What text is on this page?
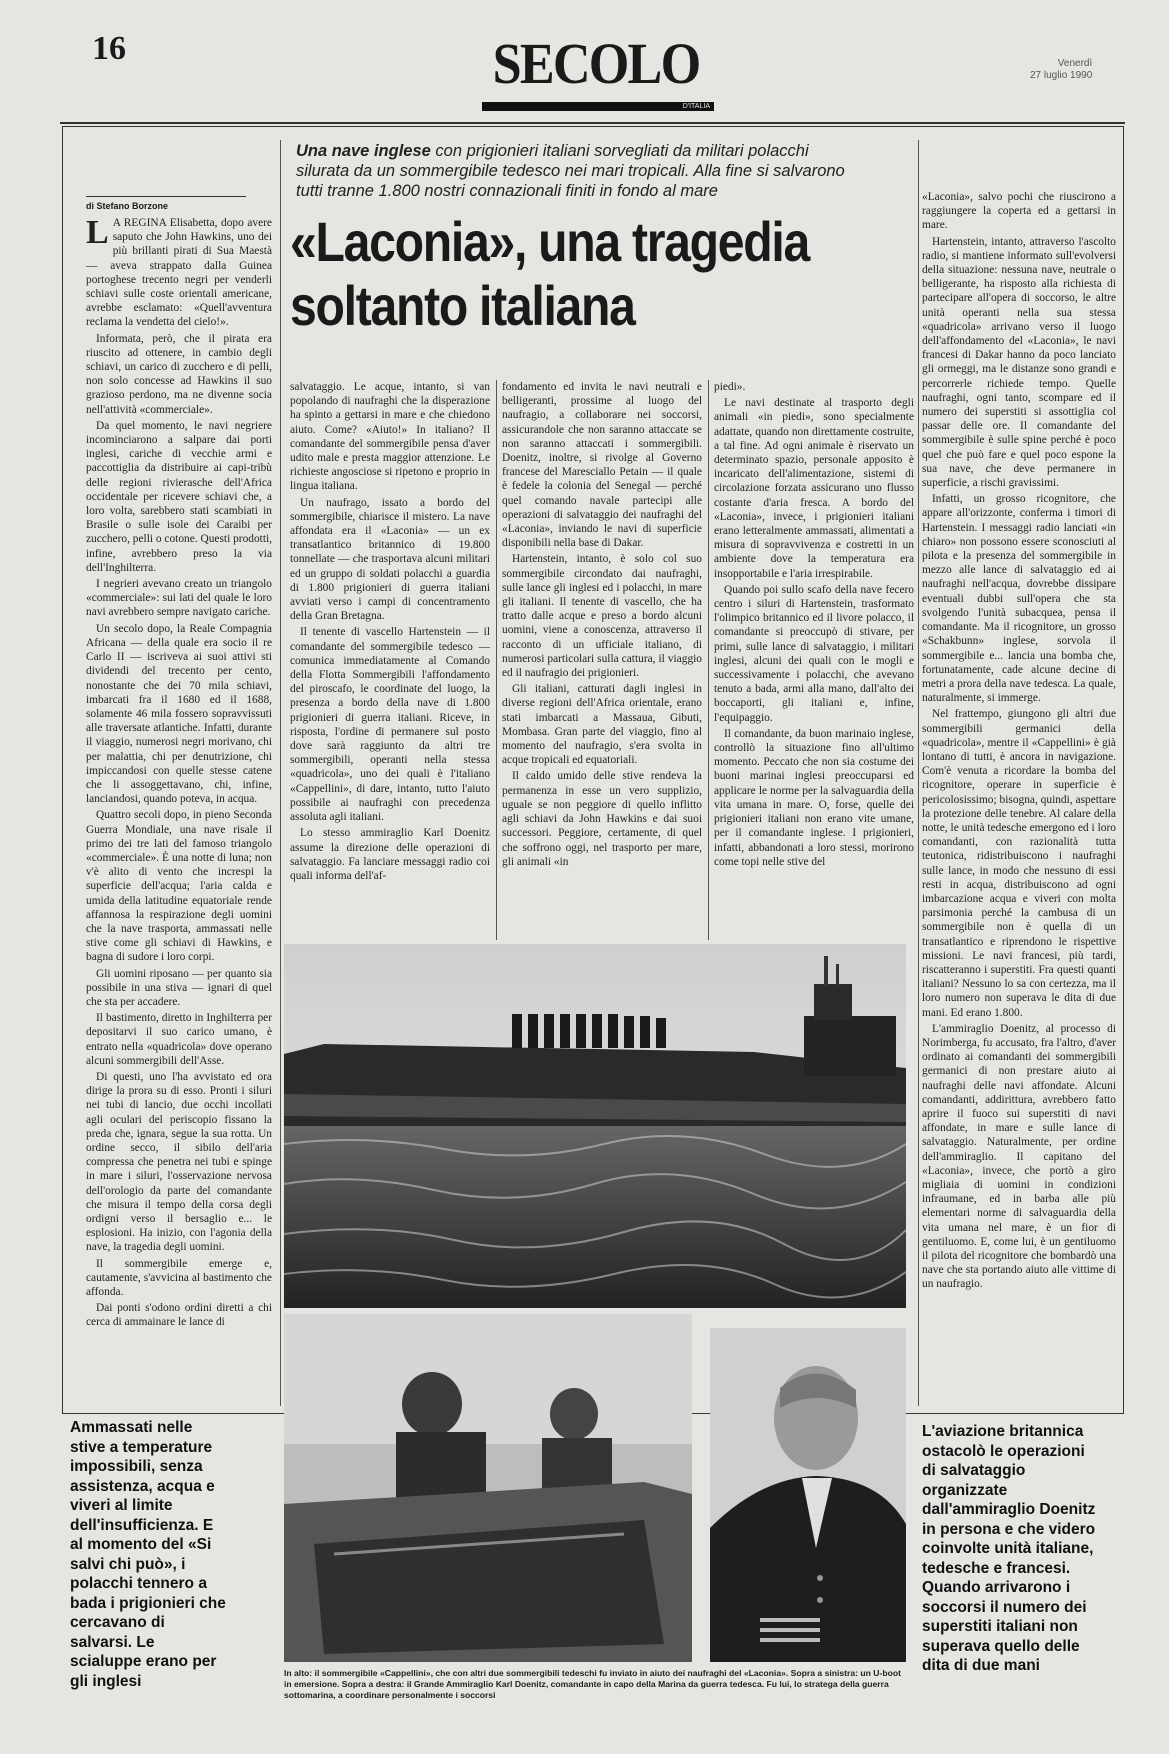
16	SECOLO
D'ITALIA
Venerdì
27 luglio 1990
Una nave inglese con prigionieri italiani sorvegliati da militari polacchi silurata da un sommergibile tedesco nei mari tropicali. Alla fine si salvarono tutti tranne 1.800 nostri connazionali finiti in fondo al mare
«Laconia», una tragedia soltanto italiana
di Stefano Borzone

L A REGINA Elisabetta, dopo avere saputo che John Hawkins, uno dei più brillanti pirati di Sua Maestà — aveva strappato dalla Guinea portoghese trecento negri per venderli schiavi sulle coste orientali americane, avrebbe esclamato: «Quell'avventura reclama la vendetta del cielo!».

Informata, però, che il pirata era riuscito ad ottenere, in cambio degli schiavi, un carico di zucchero e di pelli, non solo concesse ad Hawkins il suo grazioso perdono, ma ne divenne socia nell'attività «commerciale».

Da quel momento, le navi negriere incominciarono a salpare dai porti inglesi, cariche di vecchie armi e paccottiglia da distribuire ai capi-tribù delle regioni rivierasche dell'Africa occidentale per ricevere schiavi che, a loro volta, sarebbero stati scambiati in Brasile o sulle isole dei Caraibi per zucchero, pelli o cotone. Questi prodotti, infine, avrebbero preso la via dell'Inghilterra.

I negrieri avevano creato un triangolo «commerciale»: sui lati del quale le loro navi avrebbero sempre navigato cariche.

Un secolo dopo, la Reale Compagnia Africana — della quale era socio il re Carlo II — iscriveva ai suoi attivi sti dividendi del trecento per cento, nonostante che dei 70 mila schiavi, imbarcati fra il 1680 ed il 1688, solamente 46 mila fossero sopravvissuti alle traversate atlantiche. Infatti, durante il viaggio, numerosi negri morivano, chi per malattia, chi per denutrizione, chi impiccandosi con quelle stesse catene che li assoggettavano, chi, infine, lanciandosi, quando poteva, in acqua.

Quattro secoli dopo, in pieno Seconda Guerra Mondiale, una nave risale il primo dei tre lati del famoso triangolo «commerciale». È una notte di luna; non v'è alito di vento che increspi la superficie dell'acqua; l'aria calda e umida della latitudine equatoriale rende affannosa la respirazione degli uomini che la nave trasporta, ammassati nelle stive come gli schiavi di Hawkins, e bagna di sudore i loro corpi.

Gli uomini riposano — per quanto sia possibile in una stiva — ignari di quel che sta per accadere.

Il bastimento, diretto in Inghilterra per depositarvi il suo carico umano, è entrato nella «quadricola» dove operano alcuni sommergibili dell'Asse.

Di questi, uno l'ha avvistato ed ora dirige la prora su di esso. Pronti i siluri nei tubi di lancio, due occhi incollati agli oculari del periscopio fissano la preda che, ignara, segue la sua rotta. Un ordine secco, il sibilo dell'aria compressa che penetra nei tubi e spinge in mare i siluri, l'osservazione nervosa dell'orologio da parte del comandante che misura il tempo della corsa degli ordigni verso il bersaglio e... le esplosioni. Ha inizio, con l'agonia della nave, la tragedia degli uomini.

Il sommergibile emerge e, cautamente, s'avvicina al bastimento che affonda.

Dai ponti s'odono ordini diretti a chi cerca di ammainare le lance di

salvataggio. Le acque, intanto, si van popolando di naufraghi che la disperazione ha spinto a gettarsi in mare e che chiedono aiuto. Come? «Aiuto!» In italiano? Il comandante del sommergibile pensa d'aver udito male e presta maggior attenzione. Le richieste angosciose si ripetono e proprio in lingua italiana.

Un naufrago, issato a bordo del sommergibile, chiarisce il mistero. La nave affondata era il «Laconia» — un ex transatlantico britannico di 19.800 tonnellate — che trasportava alcuni militari ed un gruppo di soldati polacchi a guardia di 1.800 prigionieri di guerra italiani avviati verso i campi di concentramento della Gran Bretagna.

Il tenente di vascello Hartenstein — il comandante del sommergibile tedesco — comunica immediatamente al Comando della Flotta Sommergibili l'affondamento del piroscafo, le coordinate del luogo, la presenza a bordo della nave di 1.800 prigionieri di guerra italiani. Riceve, in risposta, l'ordine di permanere sul posto dove sarà raggiunto da altri tre sommergibili, operanti nella stessa «quadricola», uno dei quali è l'italiano «Cappellini», di dare, intanto, tutto l'aiuto possibile ai naufraghi con precedenza assoluta agli italiani.

Lo stesso ammiraglio Karl Doenitz assume la direzione delle operazioni di salvataggio. Fa lanciare messaggi radio coi quali informa dell'af-

fondamento ed invita le navi neutrali e belligeranti, prossime al luogo del naufragio, a collaborare nei soccorsi, assicurandole che non saranno attaccate se non saranno attaccati i sommergibili. Doenitz, inoltre, si rivolge al Governo francese del Maresciallo Petain — il quale è fedele la colonia del Senegal — perché quel comando navale partecipi alle operazioni di salvataggio dei naufraghi del «Laconia», inviando le navi di superficie disponibili nella base di Dakar.

Hartenstein, intanto, è solo col suo sommergibile circondato dai naufraghi, sulle lance gli inglesi ed i polacchi, in mare gli italiani. Il tenente di vascello, che ha tratto dalle acque e preso a bordo alcuni uomini, viene a conoscenza, attraverso il racconto di un ufficiale italiano, di numerosi particolari sulla cattura, il viaggio ed il naufragio dei prigionieri.

Gli italiani, catturati dagli inglesi in diverse regioni dell'Africa orientale, erano stati imbarcati a Massaua, Gibuti, Mombasa. Gran parte del viaggio, fino al momento del naufragio, s'era svolta in acque tropicali ed equatoriali.

Il caldo umido delle stive rendeva la permanenza in esse un vero supplizio, uguale se non peggiore di quello inflitto agli schiavi da John Hawkins e dai suoi successori. Peggiore, certamente, di quel che soffrono oggi, nel trasporto per mare, gli animali «in

piedi».

Le navi destinate al trasporto degli animali «in piedi», sono specialmente adattate, quando non direttamente costruite, a tal fine. Ad ogni animale è riservato un determinato spazio, personale apposito è incaricato dell'alimentazione, sistemi di circolazione forzata assicurano uno flusso costante d'aria fresca. A bordo del «Laconia», invece, i prigionieri italiani erano letteralmente ammassati, alimentati a misura di sopravvivenza e costretti in un ambiente dove la temperatura era insopportabile e l'aria irrespirabile.

Quando poi sullo scafo della nave fecero centro i siluri di Hartenstein, trasformato l'olimpico britannico ed il livore polacco, il comandante si preoccupò di stivare, per primi, sulle lance di salvataggio, i militari inglesi, alcuni dei quali con le mogli e successivamente i polacchi, che avevano tenuto a bada, armi alla mano, dall'alto dei boccaporti, gli italiani e, infine, l'equipaggio.

Il comandante, da buon marinaio inglese, controllò la situazione fino all'ultimo momento. Peccato che non sia costume dei buoni marinai inglesi preoccuparsi ed applicare le norme per la salvaguardia della vita umana in mare. O, forse, quelle dei prigionieri italiani non erano vite umane, per il comandante inglese. I prigionieri, infatti, abbandonati a loro stessi, morirono come topi nelle stive del

«Laconia», salvo pochi che riuscirono a raggiungere la coperta ed a gettarsi in mare.

Hartenstein, intanto, attraverso l'ascolto radio, si mantiene informato sull'evolversi della situazione: nessuna nave, neutrale o belligerante, ha risposto alla richiesta di partecipare all'opera di soccorso, le altre unità operanti nella sua stessa «quadricola» arrivano verso il luogo dell'affondamento del «Laconia», le navi francesi di Dakar hanno da poco lanciato gli ormeggi, ma le distanze sono grandi e percorrerle richiede tempo. Quelle naufraghi, ogni tanto, scompare ed il numero dei superstiti si assottiglia col passar delle ore. Il comandante del sommergibile è sulle spine perché è poco quel che può fare e quel poco espone la sua nave, che deve permanere in superficie, a rischi gravissimi.

Infatti, un grosso ricognitore, che appare all'orizzonte, conferma i timori di Hartenstein. I messaggi radio lanciati «in chiaro» non possono essere sconosciuti al pilota e la presenza del sommergibile in mezzo alle lance di salvataggio ed ai naufraghi nell'acqua, dovrebbe dissipare eventuali dubbi sull'opera che sta svolgendo l'unità subacquea, pensa il comandante. Ma il ricognitore, un grosso «Schakbunn» inglese, sorvola il sommergibile e... lancia una bomba che, fortunatamente, cade alcune decine di metri a prora della nave tedesca. La quale, naturalmente, si immerge.

Nel frattempo, giungono gli altri due sommergibili germanici della «quadricola», mentre il «Cappellini» è già lontano di tutti, è ancora in navigazione. Com'è venuta a ricordare la bomba del ricognitore, operare in superficie è pericolosissimo; bisogna, quindi, aspettare la protezione delle tenebre. Al calare della notte, le unità tedesche emergono ed i loro comandanti, con razionalità tutta teutonica, ridistribuiscono i naufraghi sulle lance, in modo che nessuno di essi resti in acqua, distribuiscono ad ogni imbarcazione acqua e viveri con molta parsimonia perché la cambusa di un sommergibile non è quella di un transatlantico e riprendono le rispettive missioni. Le navi francesi, più tardi, riscatteranno i superstiti. Fra questi quanti italiani? Nessuno lo sa con certezza, ma il loro numero non superava le dita di due mani. Ed erano 1.800.

L'ammiraglio Doenitz, al processo di Norimberga, fu accusato, fra l'altro, d'aver ordinato ai comandanti dei sommergibili germanici di non prestare aiuto ai naufraghi delle navi affondate. Alcuni comandanti, addirittura, avrebbero fatto aprire il fuoco sui superstiti di navi affondate, in mare e sulle lance di salvataggio. Naturalmente, per ordine dell'ammiraglio. Il capitano del «Laconia», invece, che portò a giro migliaia di uomini in condizioni infraumane, ed in barba alle più elementari norme di salvaguardia della vita umana nel mare, è un fior di gentiluomo. E, come lui, è un gentiluomo il pilota del ricognitore che bombardò una nave che sta portando aiuto alle vittime di un naufragio.

In alto: il sommergibile «Cappellini», che con altri due sommergibili tedeschi fu inviato in aiuto dei naufraghi del «Laconia». Sopra a sinistra: un U-boot in emersione. Sopra a destra: il Grande Ammiraglio Karl Doenitz, comandante in capo della Marina da guerra tedesca. Fu lui, lo stratega della guerra sottomarina, a coordinare personalmente i soccorsi
Ammassati nelle stive a temperature impossibili, senza assistenza, acqua e viveri al limite dell'insufficienza. E al momento del «Si salvi chi può», i polacchi tennero a bada i prigionieri che cercavano di salvarsi. Le scialuppe erano per gli inglesi
L'aviazione britannica ostacolò le operazioni di salvataggio organizzate dall'ammiraglio Doenitz in persona e che videro coinvolte unità italiane, tedesche e francesi. Quando arrivarono i soccorsi il numero dei superstiti italiani non superava quello delle dita di due mani
